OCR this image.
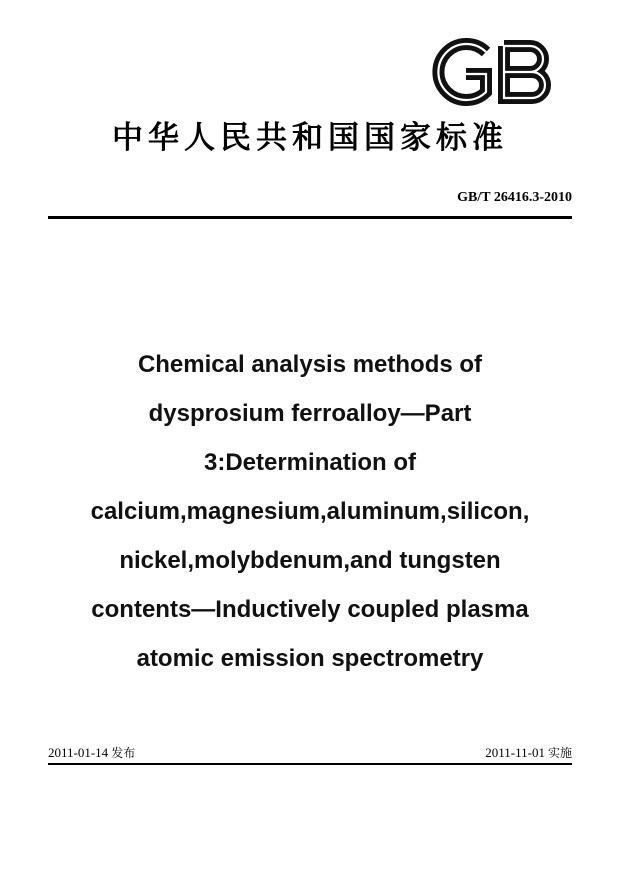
中华人民共和国国家标准
GB/T 26416.3-2010
Chemical analysis methods of
dysprosium ferroalloy—Part
3:Determination of
calcium,magnesium,aluminum,silicon,
nickel,molybdenum,and tungsten
contents—Inductively coupled plasma
atomic emission spectrometry
2011-01-14 发布	2011-11-01 实施
